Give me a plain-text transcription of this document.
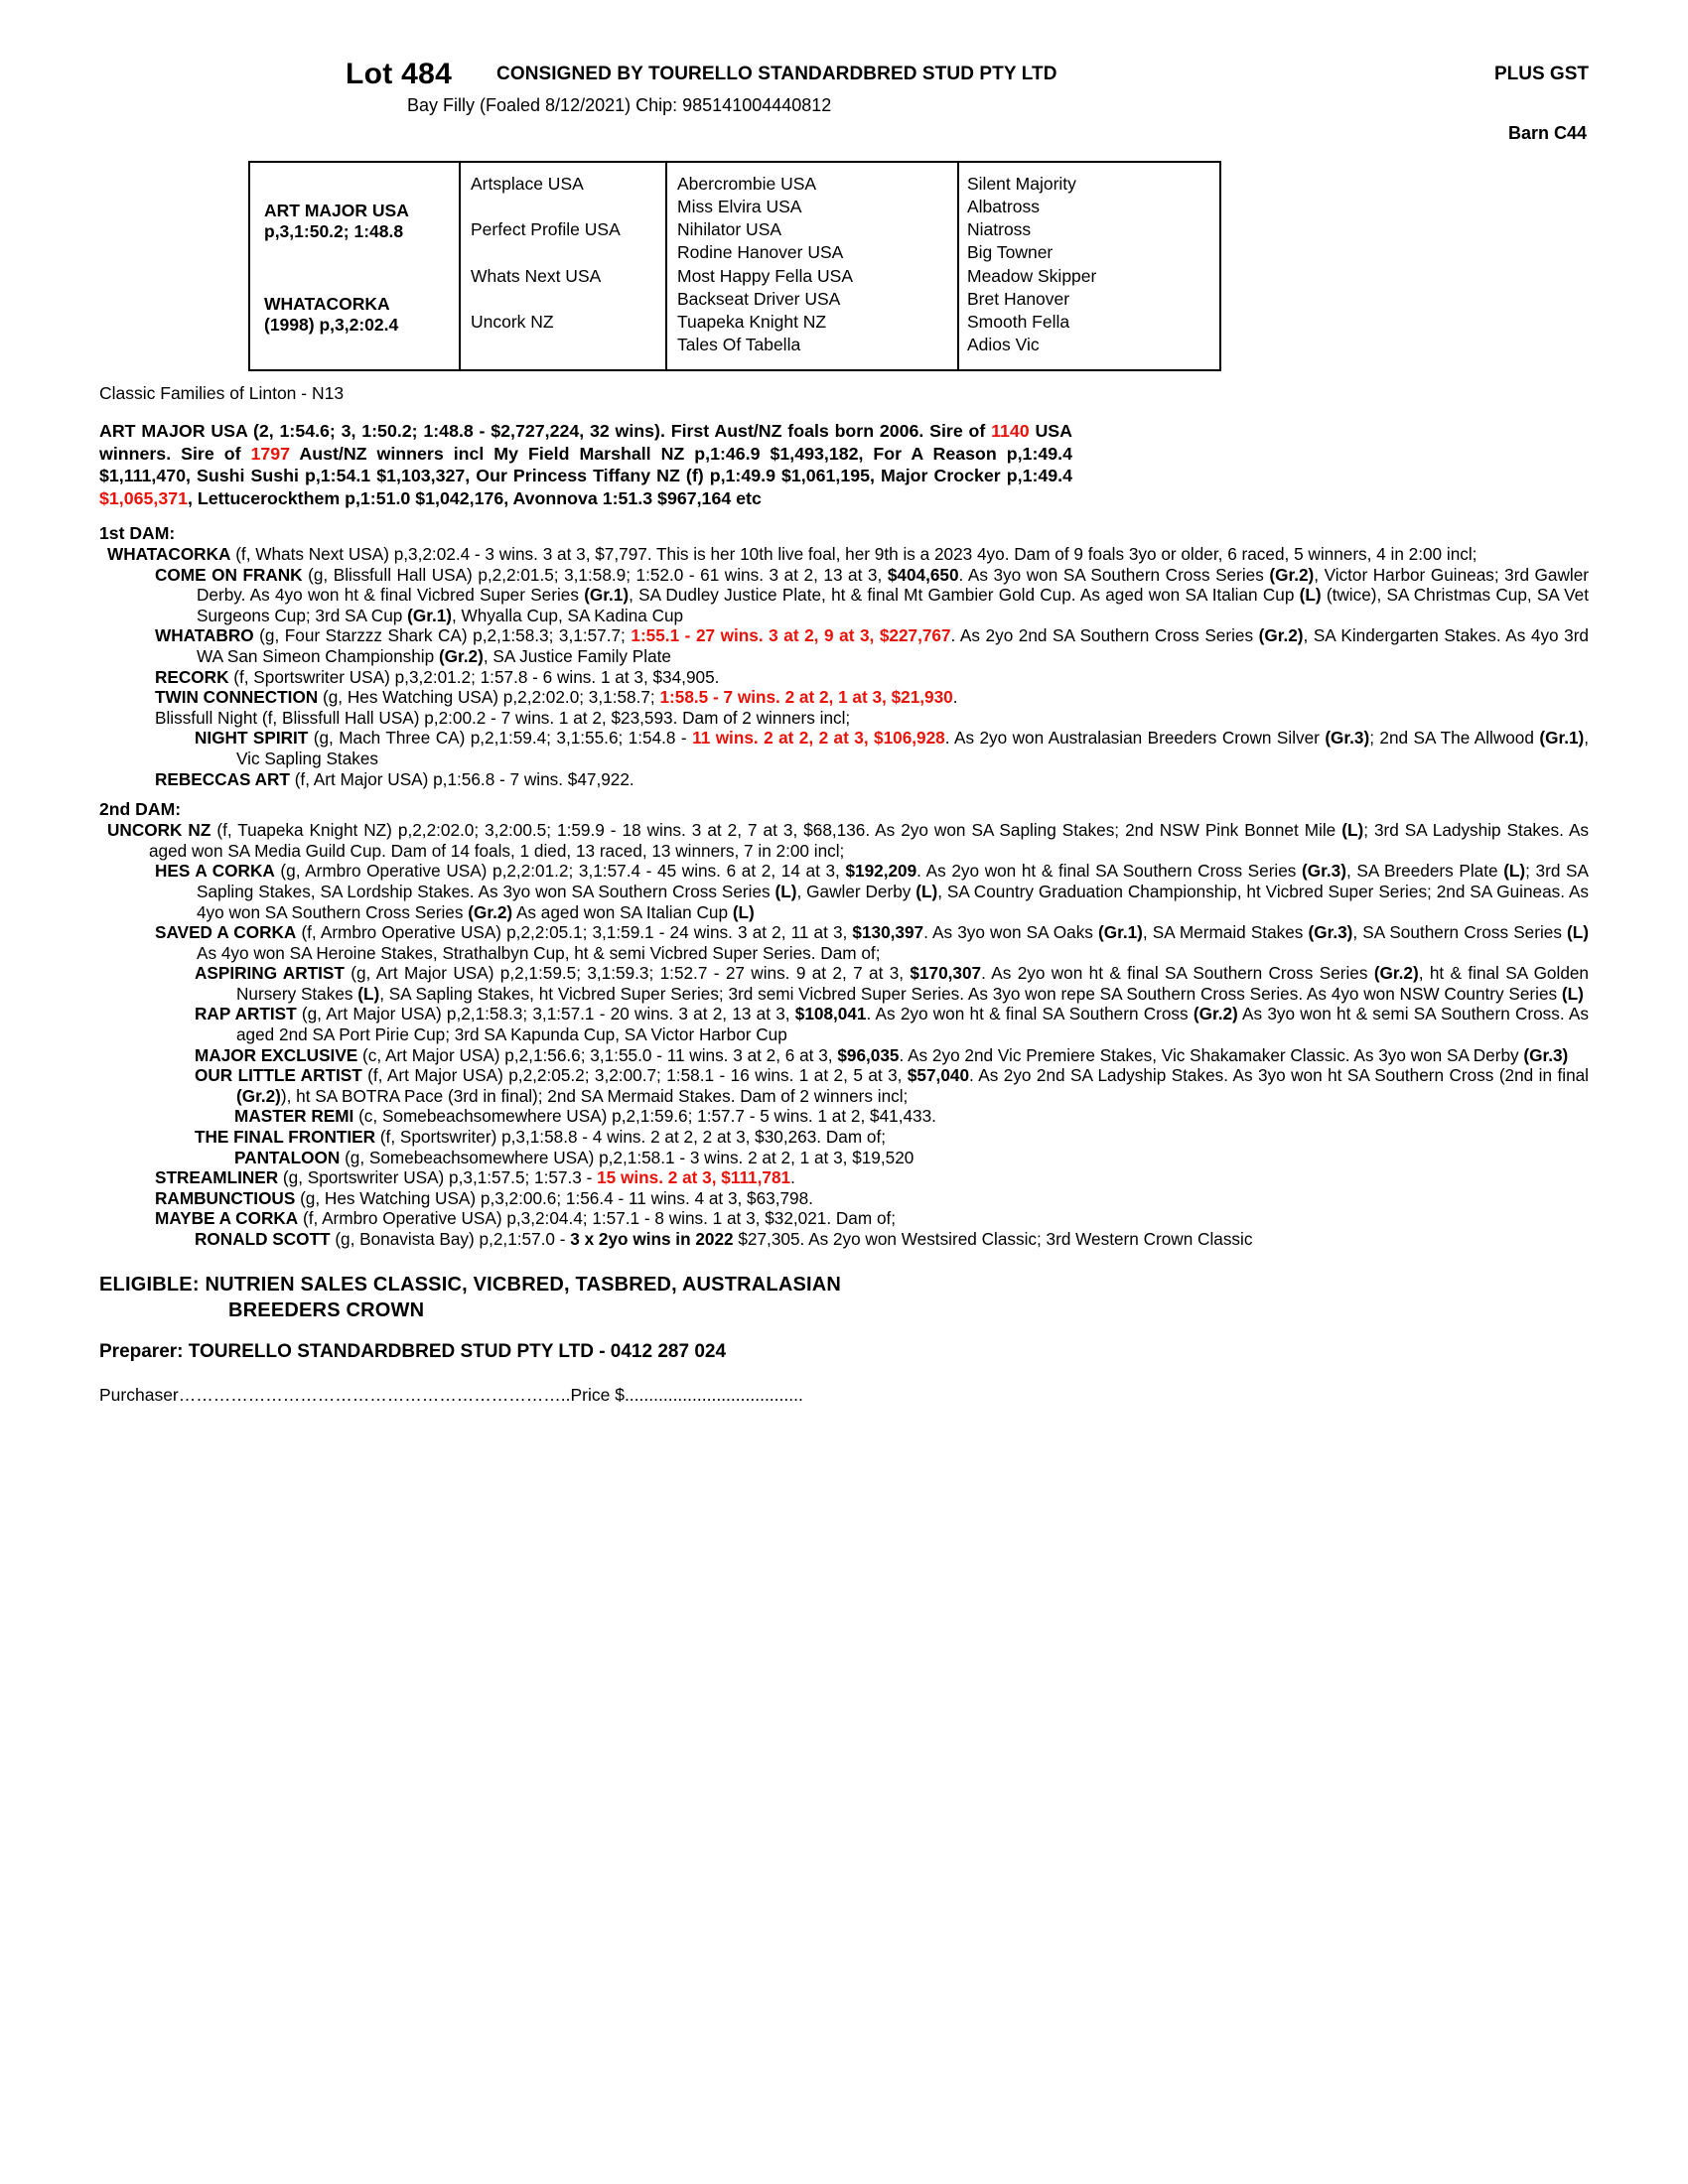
Lot 484 CONSIGNED BY TOURELLO STANDARDBRED STUD PTY LTD	PLUS GST
Bay Filly (Foaled 8/12/2021) Chip: 985141004440812
Barn C44
ART MAJOR USA
p,3,1:50.2; 1:48.8
WHATACORKA
(1998) p,3,2:02.4
Artsplace USA
Perfect Profile USA
Whats Next USA
Uncork NZ
Abercrombie USA
Miss Elvira USA
Nihilator USA
Rodine Hanover USA
Most Happy Fella USA
Backseat Driver USA
Tuapeka Knight NZ
Tales Of Tabella
Silent Majority
Albatross
Niatross
Big Towner
Meadow Skipper
Bret Hanover
Smooth Fella
Adios Vic
Classic Families of Linton - N13
ART MAJOR USA (2, 1:54.6; 3, 1:50.2; 1:48.8 - $2,727,224, 32 wins). First Aust/NZ foals born 2006. Sire of 1140 USA winners. Sire of 1797 Aust/NZ winners incl My Field Marshall NZ p,1:46.9 $1,493,182, For A Reason p,1:49.4 $1,111,470, Sushi Sushi p,1:54.1 $1,103,327, Our Princess Tiffany NZ (f) p,1:49.9 $1,061,195, Major Crocker p,1:49.4 $1,065,371, Lettucerockthem p,1:51.0 $1,042,176, Avonnova 1:51.3 $967,164 etc
1st DAM:
WHATACORKA (f, Whats Next USA) p,3,2:02.4 - 3 wins. 3 at 3, $7,797. This is her 10th live foal, her 9th is a 2023 4yo. Dam of 9 foals 3yo or older, 6 raced, 5 winners, 4 in 2:00 incl;
COME ON FRANK (g, Blissfull Hall USA) p,2,2:01.5; 3,1:58.9; 1:52.0 - 61 wins. 3 at 2, 13 at 3, $404,650. As 3yo won SA Southern Cross Series (Gr.2), Victor Harbor Guineas; 3rd Gawler Derby. As 4yo won ht & final Vicbred Super Series (Gr.1), SA Dudley Justice Plate, ht & final Mt Gambier Gold Cup. As aged won SA Italian Cup (L) (twice), SA Christmas Cup, SA Vet Surgeons Cup; 3rd SA Cup (Gr.1), Whyalla Cup, SA Kadina Cup
WHATABRO (g, Four Starzzz Shark CA) p,2,1:58.3; 3,1:57.7; 1:55.1 - 27 wins. 3 at 2, 9 at 3, $227,767. As 2yo 2nd SA Southern Cross Series (Gr.2), SA Kindergarten Stakes. As 4yo 3rd WA San Simeon Championship (Gr.2), SA Justice Family Plate
RECORK (f, Sportswriter USA) p,3,2:01.2; 1:57.8 - 6 wins. 1 at 3, $34,905.
TWIN CONNECTION (g, Hes Watching USA) p,2,2:02.0; 3,1:58.7; 1:58.5 - 7 wins. 2 at 2, 1 at 3, $21,930.
Blissfull Night (f, Blissfull Hall USA) p,2:00.2 - 7 wins. 1 at 2, $23,593. Dam of 2 winners incl;
NIGHT SPIRIT (g, Mach Three CA) p,2,1:59.4; 3,1:55.6; 1:54.8 - 11 wins. 2 at 2, 2 at 3, $106,928. As 2yo won Australasian Breeders Crown Silver (Gr.3); 2nd SA The Allwood (Gr.1), Vic Sapling Stakes
REBECCAS ART (f, Art Major USA) p,1:56.8 - 7 wins. $47,922.
2nd DAM:
UNCORK NZ (f, Tuapeka Knight NZ) p,2,2:02.0; 3,2:00.5; 1:59.9 - 18 wins. 3 at 2, 7 at 3, $68,136. As 2yo won SA Sapling Stakes; 2nd NSW Pink Bonnet Mile (L); 3rd SA Ladyship Stakes. As aged won SA Media Guild Cup. Dam of 14 foals, 1 died, 13 raced, 13 winners, 7 in 2:00 incl;
HES A CORKA (g, Armbro Operative USA) p,2,2:01.2; 3,1:57.4 - 45 wins. 6 at 2, 14 at 3, $192,209. As 2yo won ht & final SA Southern Cross Series (Gr.3), SA Breeders Plate (L); 3rd SA Sapling Stakes, SA Lordship Stakes. As 3yo won SA Southern Cross Series (L), Gawler Derby (L), SA Country Graduation Championship, ht Vicbred Super Series; 2nd SA Guineas. As 4yo won SA Southern Cross Series (Gr.2) As aged won SA Italian Cup (L)
SAVED A CORKA (f, Armbro Operative USA) p,2,2:05.1; 3,1:59.1 - 24 wins. 3 at 2, 11 at 3, $130,397. As 3yo won SA Oaks (Gr.1), SA Mermaid Stakes (Gr.3), SA Southern Cross Series (L) As 4yo won SA Heroine Stakes, Strathalbyn Cup, ht & semi Vicbred Super Series. Dam of;
ASPIRING ARTIST (g, Art Major USA) p,2,1:59.5; 3,1:59.3; 1:52.7 - 27 wins. 9 at 2, 7 at 3, $170,307. As 2yo won ht & final SA Southern Cross Series (Gr.2), ht & final SA Golden Nursery Stakes (L), SA Sapling Stakes, ht Vicbred Super Series; 3rd semi Vicbred Super Series. As 3yo won repe SA Southern Cross Series. As 4yo won NSW Country Series (L)
RAP ARTIST (g, Art Major USA) p,2,1:58.3; 3,1:57.1 - 20 wins. 3 at 2, 13 at 3, $108,041. As 2yo won ht & final SA Southern Cross (Gr.2) As 3yo won ht & semi SA Southern Cross. As aged 2nd SA Port Pirie Cup; 3rd SA Kapunda Cup, SA Victor Harbor Cup
MAJOR EXCLUSIVE (c, Art Major USA) p,2,1:56.6; 3,1:55.0 - 11 wins. 3 at 2, 6 at 3, $96,035. As 2yo 2nd Vic Premiere Stakes, Vic Shakamaker Classic. As 3yo won SA Derby (Gr.3)
OUR LITTLE ARTIST (f, Art Major USA) p,2,2:05.2; 3,2:00.7; 1:58.1 - 16 wins. 1 at 2, 5 at 3, $57,040. As 2yo 2nd SA Ladyship Stakes. As 3yo won ht SA Southern Cross (2nd in final (Gr.2)), ht SA BOTRA Pace (3rd in final); 2nd SA Mermaid Stakes. Dam of 2 winners incl;
MASTER REMI (c, Somebeachsomewhere USA) p,2,1:59.6; 1:57.7 - 5 wins. 1 at 2, $41,433.
THE FINAL FRONTIER (f, Sportswriter) p,3,1:58.8 - 4 wins. 2 at 2, 2 at 3, $30,263. Dam of;
PANTALOON (g, Somebeachsomewhere USA) p,2,1:58.1 - 3 wins. 2 at 2, 1 at 3, $19,520
STREAMLINER (g, Sportswriter USA) p,3,1:57.5; 1:57.3 - 15 wins. 2 at 3, $111,781.
RAMBUNCTIOUS (g, Hes Watching USA) p,3,2:00.6; 1:56.4 - 11 wins. 4 at 3, $63,798.
MAYBE A CORKA (f, Armbro Operative USA) p,3,2:04.4; 1:57.1 - 8 wins. 1 at 3, $32,021. Dam of;
RONALD SCOTT (g, Bonavista Bay) p,2,1:57.0 - 3 x 2yo wins in 2022 $27,305. As 2yo won Westsired Classic; 3rd Western Crown Classic
ELIGIBLE: NUTRIEN SALES CLASSIC, VICBRED, TASBRED, AUSTRALASIAN
BREEDERS CROWN
Preparer: TOURELLO STANDARDBRED STUD PTY LTD - 0412 287 024
Purchaser…………………………………………………………..Price $.....................................
